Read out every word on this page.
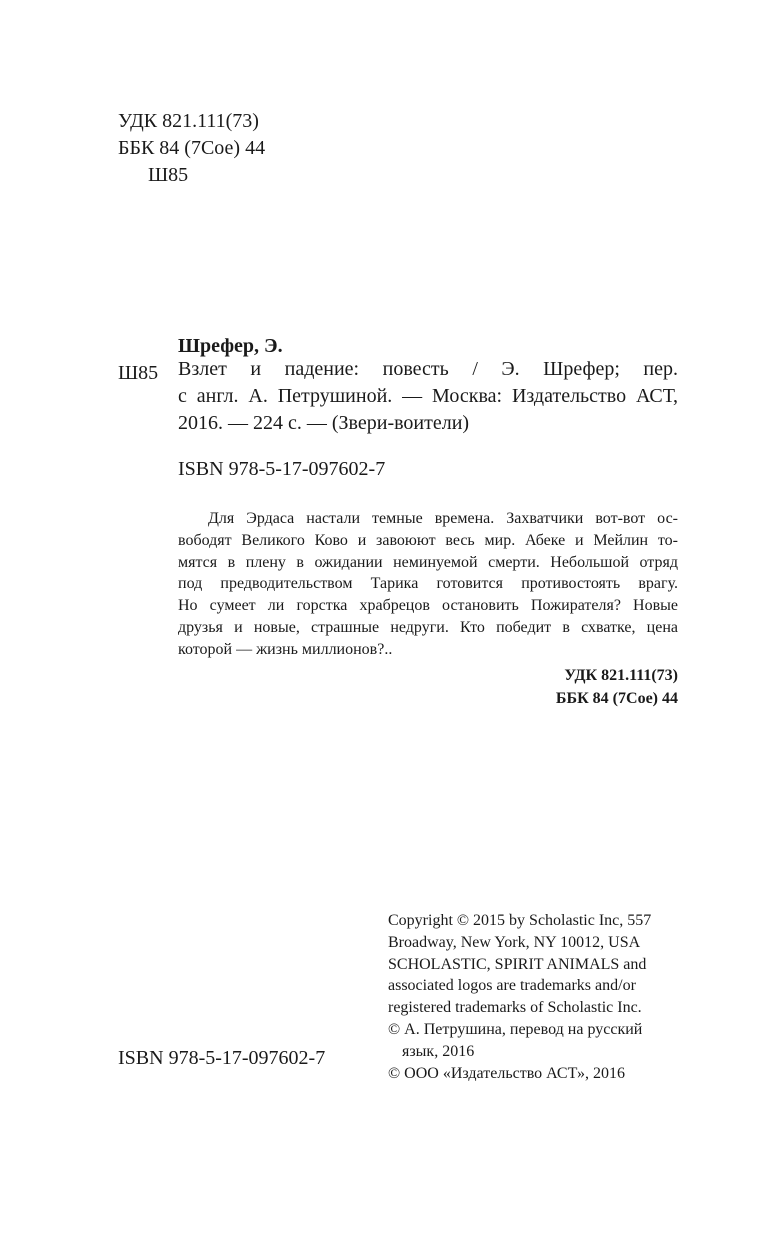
УДК 821.111(73)
ББК 84 (7Сое) 44
Ш85
Шрефер, Э.
Ш85 Взлет и падение: повесть / Э. Шрефер; пер.
с англ. А. Петрушиной. — Москва: Издательство АСТ,
2016. — 224 с. — (Звери-воители)
ISBN 978-5-17-097602-7
Для Эрдаса настали темные времена. Захватчики вот-вот ос-
вободят Великого Ково и завоюют весь мир. Абеке и Мейлин то-
мятся в плену в ожидании неминуемой смерти. Небольшой отряд
под предводительством Тарика готовится противостоять врагу.
Но сумеет ли горстка храбрецов остановить Пожирателя? Новые
друзья и новые, страшные недруги. Кто победит в схватке, цена
которой — жизнь миллионов?..
УДК 821.111(73)
ББК 84 (7Сое) 44
Copyright © 2015 by Scholastic Inc, 557
Broadway, New York, NY 10012, USA
SCHOLASTIC, SPIRIT ANIMALS and
associated logos are trademarks and/or
registered trademarks of Scholastic Inc.
© А. Петрушина, перевод на русский
язык, 2016
© ООО «Издательство АСТ», 2016
ISBN 978-5-17-097602-7
